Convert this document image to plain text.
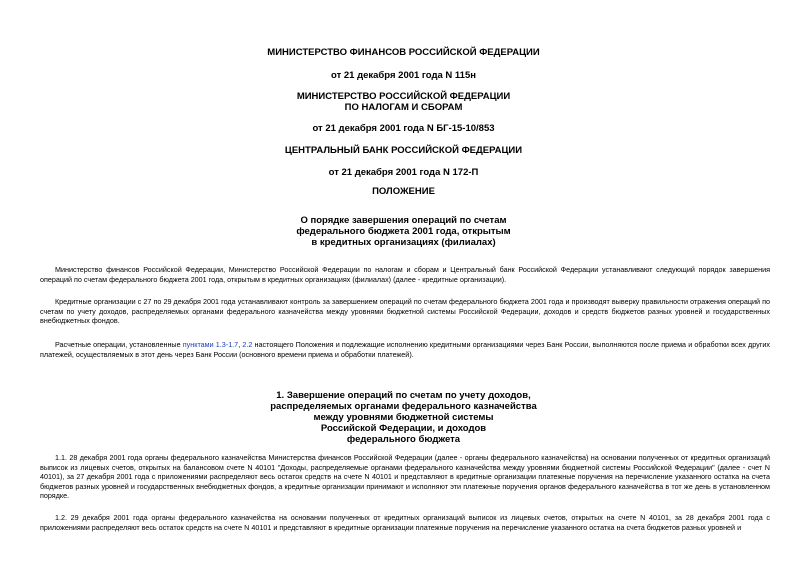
МИНИСТЕРСТВО ФИНАНСОВ РОССИЙСКОЙ ФЕДЕРАЦИИ

от 21 декабря 2001 года N 115н

МИНИСТЕРСТВО РОССИЙСКОЙ ФЕДЕРАЦИИ

ПО НАЛОГАМ И СБОРАМ

от 21 декабря 2001 года N БГ-15-10/853

ЦЕНТРАЛЬНЫЙ БАНК РОССИЙСКОЙ ФЕДЕРАЦИИ

от 21 декабря 2001 года N 172-П

ПОЛОЖЕНИЕ

О порядке завершения операций по счетам

федерального бюджета 2001 года, открытым

в кредитных организациях (филиалах)

Министерство финансов Российской Федерации, Министерство Российской Федерации по налогам и сборам и Центральный банк Российской Федерации устанавливают следующий порядок завершения операций по счетам федерального бюджета 2001 года, открытым в кредитных организациях (филиалах) (далее - кредитные организации).

Кредитные организации с 27 по 29 декабря 2001 года устанавливают контроль за завершением операций по счетам федерального бюджета 2001 года и производят выверку правильности отражения операций по счетам по учету доходов, распределяемых органами федерального казначейства между уровнями бюджетной системы Российской Федерации, доходов и средств бюджетов разных уровней и государственных внебюджетных фондов.

Расчетные операции, установленные пунктами 1.3-1.7, 2.2 настоящего Положения и подлежащие исполнению кредитными организациями через Банк России, выполняются после приема и обработки всех других платежей, осуществляемых в этот день через Банк России (основного времени приема и обработки платежей).

1. Завершение операций по счетам по учету доходов,

распределяемых органами федерального казначейства

между уровнями бюджетной системы

Российской Федерации, и доходов

федерального бюджета

1.1. 28 декабря 2001 года органы федерального казначейства Министерства финансов Российской Федерации (далее - органы федерального казначейства) на основании полученных от кредитных организаций выписок из лицевых счетов, открытых на балансовом счете N 40101 "Доходы, распределяемые органами федерального казначейства между уровнями бюджетной системы Российской Федерации" (далее - счет N 40101), за 27 декабря 2001 года с приложениями распределяют весь остаток средств на счете N 40101 и представляют в кредитные организации платежные поручения на перечисление указанного остатка на счета бюджетов разных уровней и государственных внебюджетных фондов, а кредитные организации принимают и исполняют эти платежные поручения органов федерального казначейства в тот же день в установленном порядке.

1.2. 29 декабря 2001 года органы федерального казначейства на основании полученных от кредитных организаций выписок из лицевых счетов, открытых на счете N 40101, за 28 декабря 2001 года с приложениями распределяют весь остаток средств на счете N 40101 и представляют в кредитные организации платежные поручения на перечисление указанного остатка на счета бюджетов разных уровней и
